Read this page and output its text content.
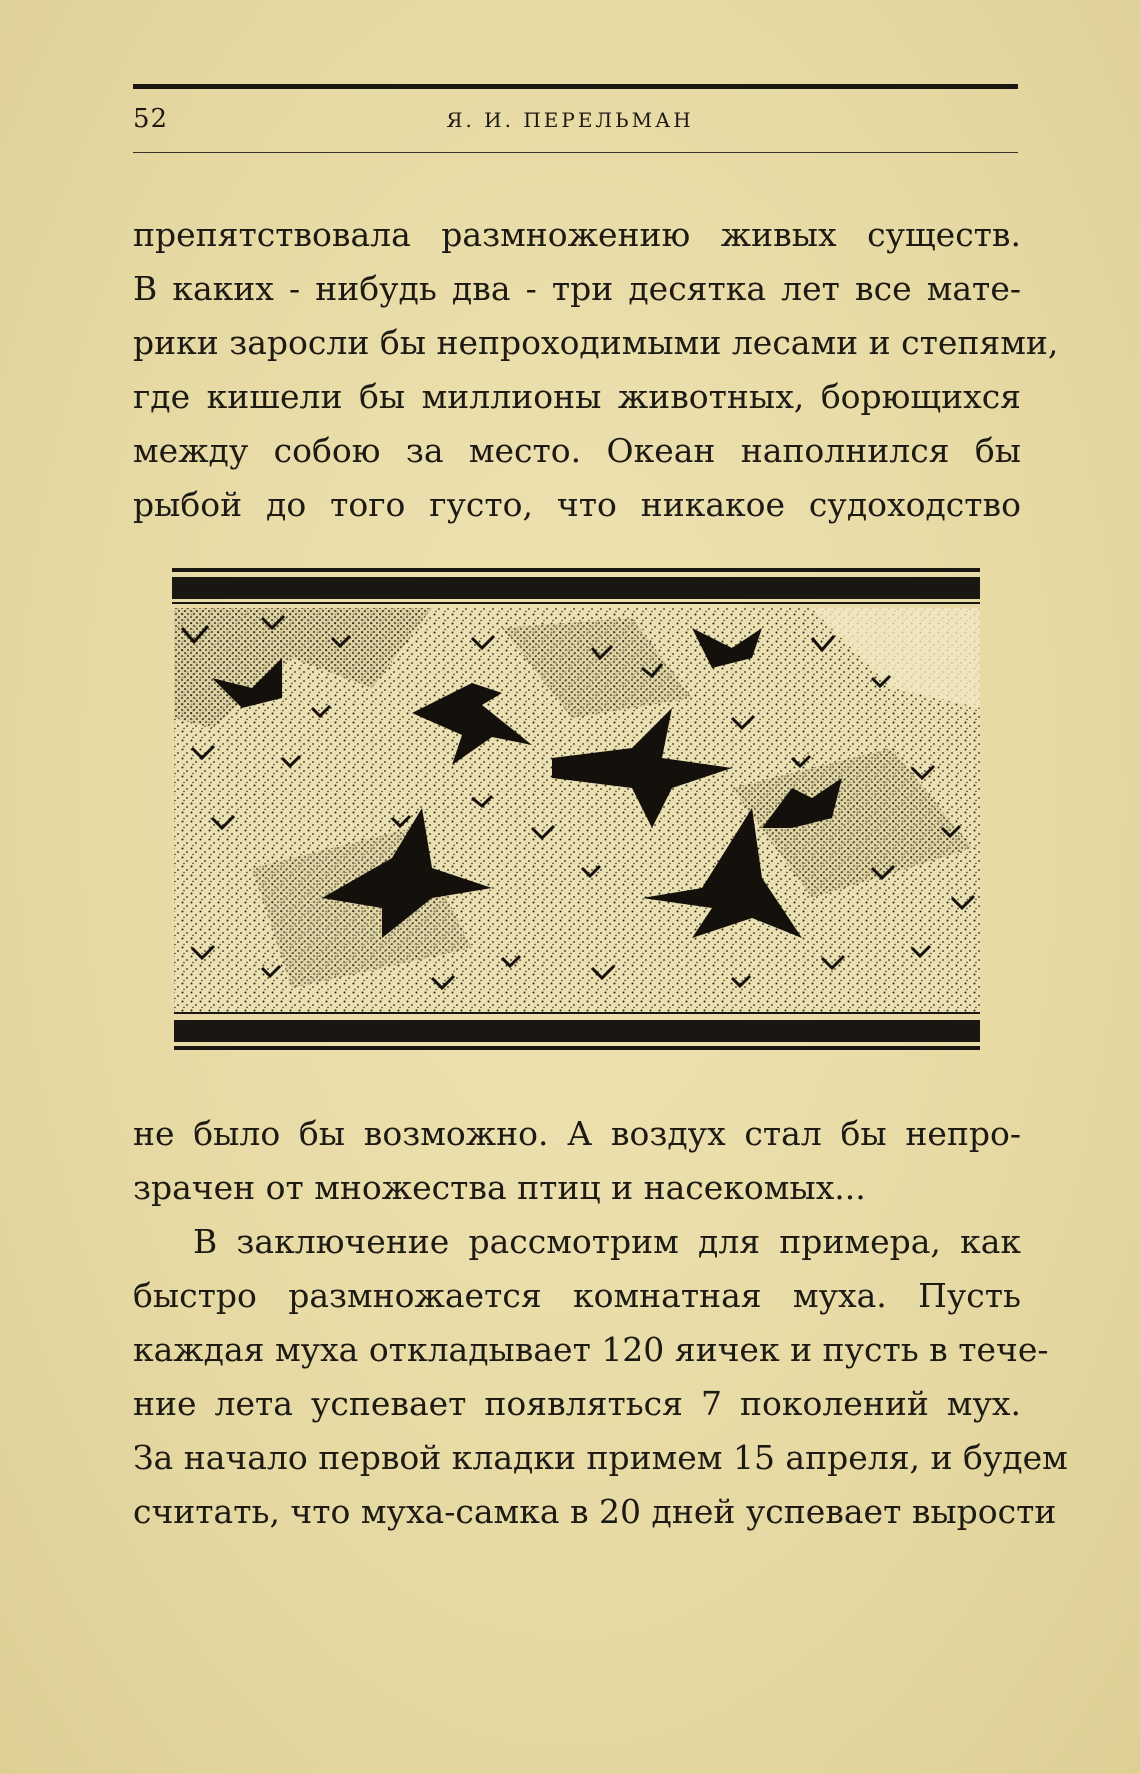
52	Я. И. ПЕРЕЛЬМАН

препятствовала размножению живых существ.
В каких - нибудь два - три десятка лет все мате-
рики заросли бы непроходимыми лесами и степями,
где кишели бы миллионы животных, борющихся
между собою за место. Океан наполнился бы
рыбой до того густо, что никакое судоходство

не было бы возможно. А воздух стал бы непро-
зрачен от множества птиц и насекомых...

В заключение рассмотрим для примера, как
быстро размножается комнатная муха. Пусть
каждая муха откладывает 120 яичек и пусть в тече-
ние лета успевает появляться 7 поколений мух.
За начало первой кладки примем 15 апреля, и будем
считать, что муха-самка в 20 дней успевает вырости
